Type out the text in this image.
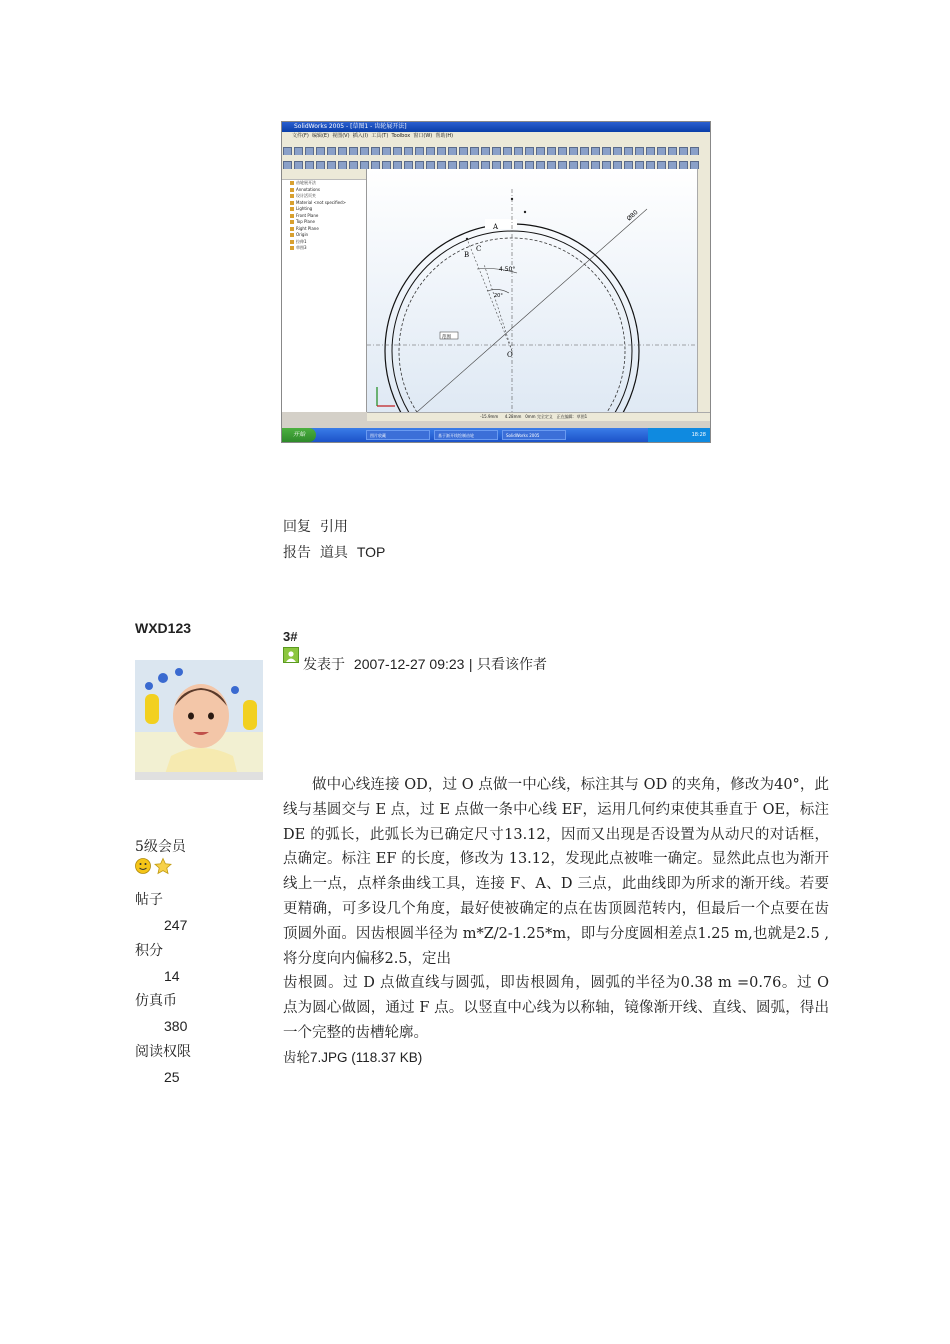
SolidWorks 2005 - [草图1 - 齿轮展开法]
文件(F) 编辑(E) 视图(V) 插入(I) 工具(T) Toolbox 窗口(W) 帮助(H)
齿轮展开法
Annotations
设计活页夹
Material <not specified>
Lighting
Front Plane
Top Plane
Right Plane
Origin
拉伸1
草图3
A
B
C
O
4.50°
20°
Ø80
范围
-15.9mm 4.28mm 0mm 完全定义 正在编辑：草图1
开始	图片收藏	基于渐开线绘制齿轮	SolidWorks 2005	18:28
回复 引用
报告 道具 TOP
WXD123
5级会员
帖子
247
积分
14
仿真币
380
阅读权限
25
3#
发表于 2007-12-27 09:23 | 只看该作者

做中心线连接 OD，过 O 点做一中心线，标注其与 OD 的夹角，修改为40°，此线与基圆交与 E 点，过 E 点做一条中心线 EF，运用几何约束使其垂直于 OE，标注 DE 的弧长，此弧长为已确定尺寸13.12，因而又出现是否设置为从动尺的对话框，点确定。标注 EF 的长度，修改为 13.12，发现此点被唯一确定。显然此点也为渐开线上一点，点样条曲线工具，连接 F、A、D 三点，此曲线即为所求的渐开线。若要更精确，可多设几个角度，最好使被确定的点在齿顶圆范转内，但最后一个点要在齿顶圆外面。因齿根圆半径为 m*Z/2-1.25*m，即与分度圆相差点1.25 m,也就是2.5 ,将分度向内偏移2.5，定出

齿根圆。过 D 点做直线与圆弧，即齿根圆角，圆弧的半径为0.38 m =0.76。过 O 点为圆心做圆，通过 F 点。以竖直中心线为以称轴，镜像渐开线、直线、圆弧，得出一个完整的齿槽轮廓。

齿轮7.JPG (118.37 KB)
